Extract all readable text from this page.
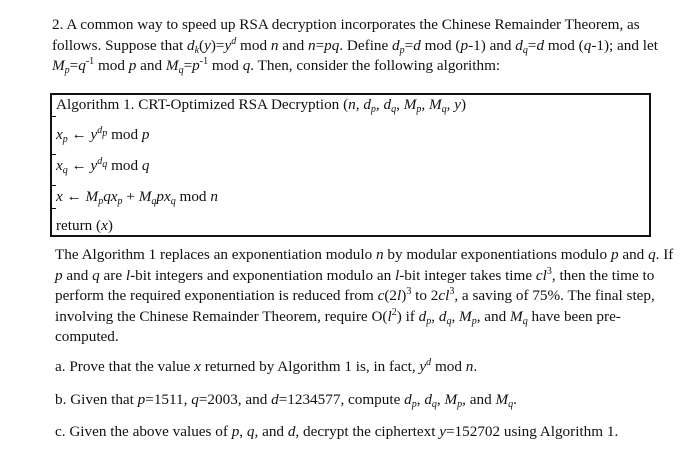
2. A common way to speed up RSA decryption incorporates the Chinese Remainder Theorem, as follows. Suppose that $d_k(y)=y^d$ mod n and n=pq. Define $d_p=d$ mod (p-1) and $d_q=d$ mod (q-1); and let $M_p=q^{-1}$ mod p and $M_q=p^{-1}$ mod q. Then, consider the following algorithm:

Algorithm 1. CRT-Optimized RSA Decryption (n, $d_p$, $d_q$, $M_p$, $M_q$, y)
$x_p$ ← $y^{d_p}$ mod p
$x_q$ ← $y^{d_q}$ mod q
x ← $M_pqx_p + M_qpx_q$ mod n
return (x)

The Algorithm 1 replaces an exponentiation modulo n by modular exponentiations modulo p and q. If p and q are l-bit integers and exponentiation modulo an l-bit integer takes time $cl^3$, then the time to perform the required exponentiation is reduced from $c(2l)^3$ to $2cl^3$, a saving of 75%. The final step, involving the Chinese Remainder Theorem, require $O(l^2)$ if $d_p$, $d_q$, $M_p$, and $M_q$ have been pre-computed.

a. Prove that the value x returned by Algorithm 1 is, in fact, $y^d$ mod n.

b. Given that p=1511, q=2003, and d=1234577, compute $d_p$, $d_q$, $M_p$, and $M_q$.

c. Given the above values of p, q, and d, decrypt the ciphertext y=152702 using Algorithm 1.
